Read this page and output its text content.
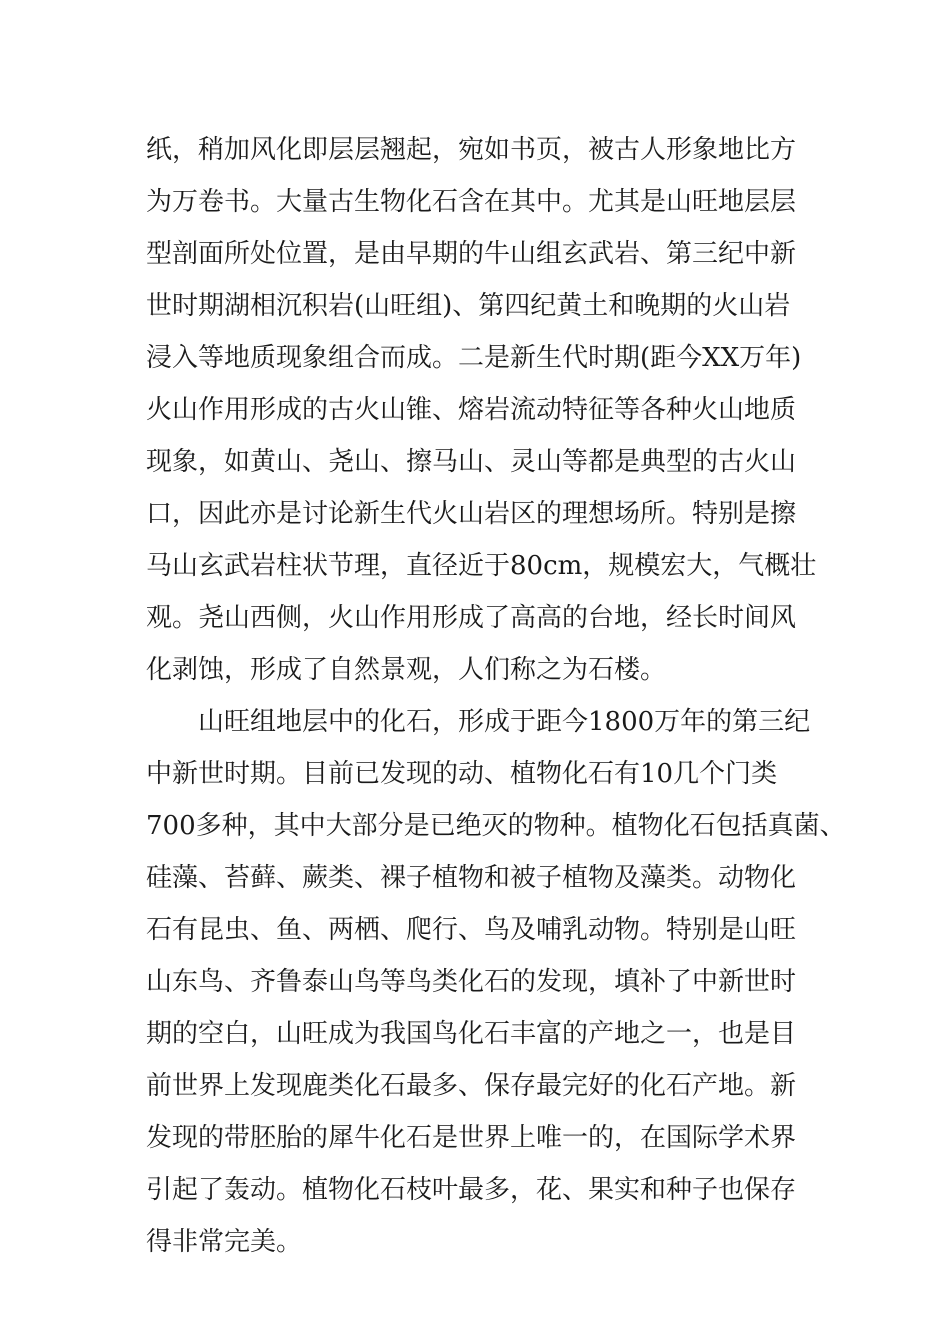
纸，稍加风化即层层翘起，宛如书页，被古人形象地比方
为万卷书。大量古生物化石含在其中。尤其是山旺地层层
型剖面所处位置，是由早期的牛山组玄武岩、第三纪中新
世时期湖相沉积岩(山旺组)、第四纪黄土和晚期的火山岩
浸入等地质现象组合而成。二是新生代时期(距今XX万年)
火山作用形成的古火山锥、熔岩流动特征等各种火山地质
现象，如黄山、尧山、擦马山、灵山等都是典型的古火山
口，因此亦是讨论新生代火山岩区的理想场所。特别是擦
马山玄武岩柱状节理，直径近于80cm，规模宏大，气概壮
观。尧山西侧，火山作用形成了高高的台地，经长时间风
化剥蚀，形成了自然景观，人们称之为石楼。
山旺组地层中的化石，形成于距今1800万年的第三纪
中新世时期。目前已发现的动、植物化石有10几个门类
700多种，其中大部分是已绝灭的物种。植物化石包括真菌、
硅藻、苔藓、蕨类、裸子植物和被子植物及藻类。动物化
石有昆虫、鱼、两栖、爬行、鸟及哺乳动物。特别是山旺
山东鸟、齐鲁泰山鸟等鸟类化石的发现，填补了中新世时
期的空白，山旺成为我国鸟化石丰富的产地之一，也是目
前世界上发现鹿类化石最多、保存最完好的化石产地。新
发现的带胚胎的犀牛化石是世界上唯一的，在国际学术界
引起了轰动。植物化石枝叶最多，花、果实和种子也保存
得非常完美。
